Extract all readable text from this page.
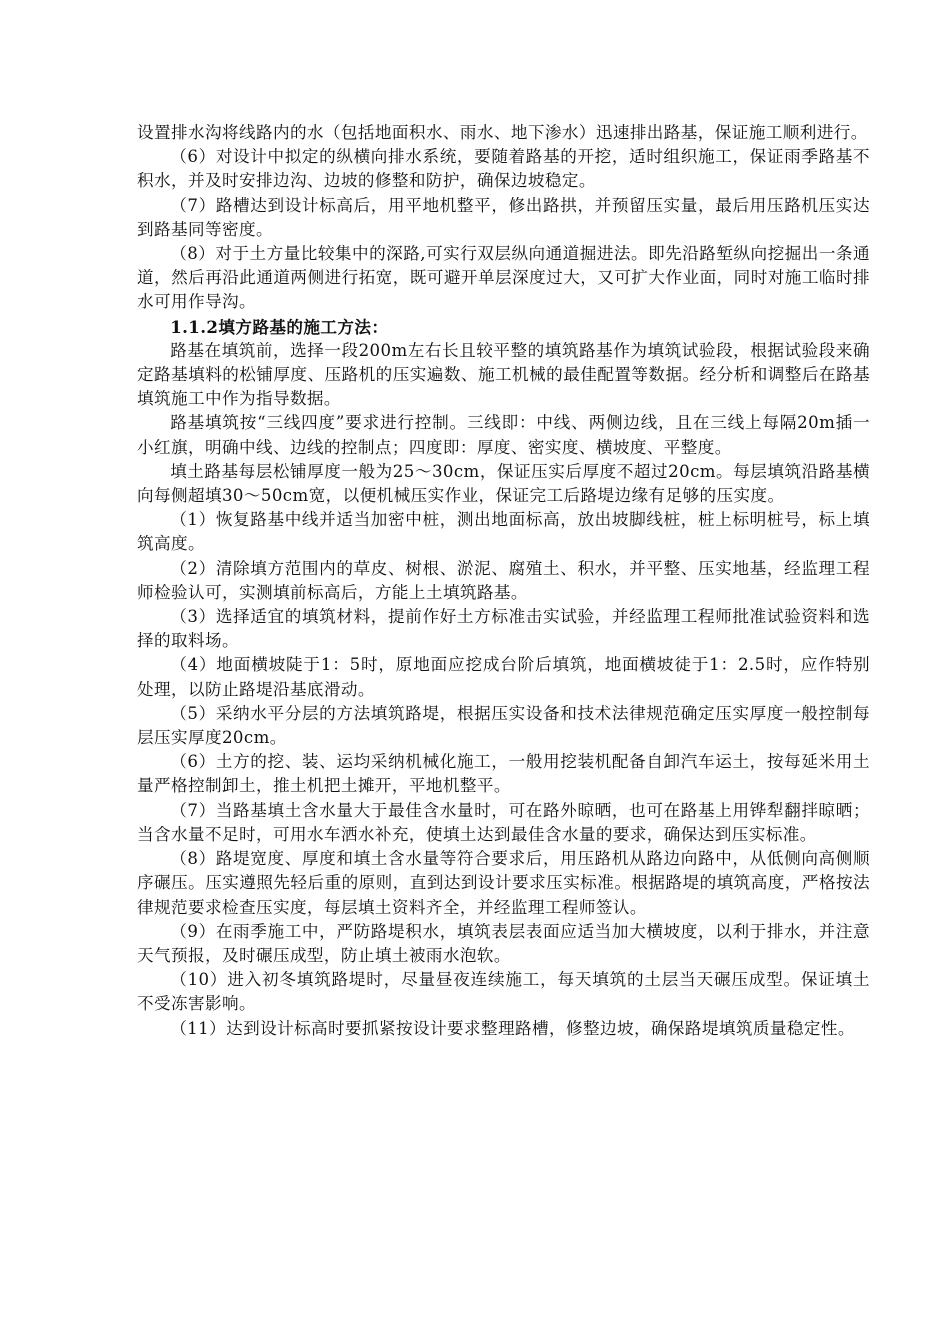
设置排水沟将线路内的水（包括地面积水、雨水、地下渗水）迅速排出路基，保证施工顺利进行。

（6）对设计中拟定的纵横向排水系统，要随着路基的开挖，适时组织施工，保证雨季路基不积水，并及时安排边沟、边坡的修整和防护，确保边坡稳定。

（7）路槽达到设计标高后，用平地机整平，修出路拱，并预留压实量，最后用压路机压实达到路基同等密度。

（8）对于土方量比较集中的深路,可实行双层纵向通道掘进法。即先沿路堑纵向挖掘出一条通道，然后再沿此通道两侧进行拓宽，既可避开单层深度过大，又可扩大作业面，同时对施工临时排水可用作导沟。

1.1.2填方路基的施工方法：

路基在填筑前，选择一段200m左右长且较平整的填筑路基作为填筑试验段，根据试验段来确定路基填料的松铺厚度、压路机的压实遍数、施工机械的最佳配置等数据。经分析和调整后在路基填筑施工中作为指导数据。

路基填筑按“三线四度”要求进行控制。三线即：中线、两侧边线，且在三线上每隔20m插一小红旗，明确中线、边线的控制点；四度即：厚度、密实度、横坡度、平整度。

填土路基每层松铺厚度一般为25～30cm，保证压实后厚度不超过20cm。每层填筑沿路基横向每侧超填30～50cm宽，以便机械压实作业，保证完工后路堤边缘有足够的压实度。

（1）恢复路基中线并适当加密中桩，测出地面标高，放出坡脚线桩，桩上标明桩号，标上填筑高度。

（2）清除填方范围内的草皮、树根、淤泥、腐殖土、积水，并平整、压实地基，经监理工程师检验认可，实测填前标高后，方能上土填筑路基。

（3）选择适宜的填筑材料，提前作好土方标准击实试验，并经监理工程师批准试验资料和选择的取料场。

（4）地面横坡陡于1：5时，原地面应挖成台阶后填筑，地面横坡徒于1：2.5时，应作特别处理，以防止路堤沿基底滑动。

（5）采纳水平分层的方法填筑路堤，根据压实设备和技术法律规范确定压实厚度一般控制每层压实厚度20cm。

（6）土方的挖、装、运均采纳机械化施工，一般用挖装机配备自卸汽车运土，按每延米用土量严格控制卸土，推土机把土摊开，平地机整平。

（7）当路基填土含水量大于最佳含水量时，可在路外晾晒，也可在路基上用铧犁翻拌晾晒；当含水量不足时，可用水车洒水补充，使填土达到最佳含水量的要求，确保达到压实标准。

（8）路堤宽度、厚度和填土含水量等符合要求后，用压路机从路边向路中，从低侧向高侧顺序碾压。压实遵照先轻后重的原则，直到达到设计要求压实标准。根据路堤的填筑高度，严格按法律规范要求检查压实度，每层填土资料齐全，并经监理工程师签认。

（9）在雨季施工中，严防路堤积水，填筑表层表面应适当加大横坡度，以利于排水，并注意天气预报，及时碾压成型，防止填土被雨水泡软。

（10）进入初冬填筑路堤时，尽量昼夜连续施工，每天填筑的土层当天碾压成型。保证填土不受冻害影响。

（11）达到设计标高时要抓紧按设计要求整理路槽，修整边坡，确保路堤填筑质量稳定性。
